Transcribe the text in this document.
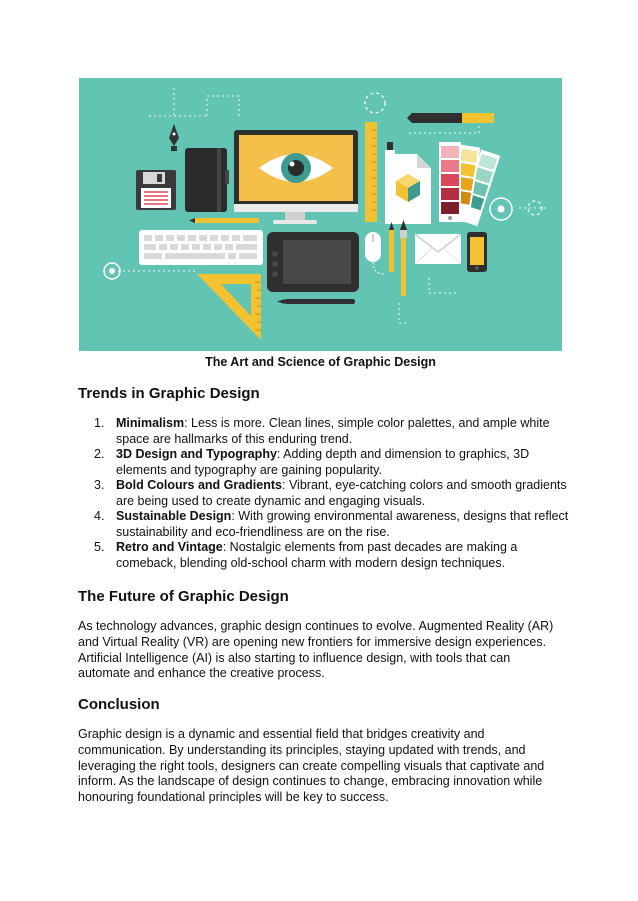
The Art and Science of Graphic Design
Trends in Graphic Design
1. Minimalism: Less is more. Clean lines, simple color palettes, and ample white space are hallmarks of this enduring trend.
2. 3D Design and Typography: Adding depth and dimension to graphics, 3D elements and typography are gaining popularity.
3. Bold Colours and Gradients: Vibrant, eye-catching colors and smooth gradients are being used to create dynamic and engaging visuals.
4. Sustainable Design: With growing environmental awareness, designs that reflect sustainability and eco-friendliness are on the rise.
5. Retro and Vintage: Nostalgic elements from past decades are making a comeback, blending old-school charm with modern design techniques.
The Future of Graphic Design

As technology advances, graphic design continues to evolve. Augmented Reality (AR) and Virtual Reality (VR) are opening new frontiers for immersive design experiences. Artificial Intelligence (AI) is also starting to influence design, with tools that can automate and enhance the creative process.

Conclusion

Graphic design is a dynamic and essential field that bridges creativity and communication. By understanding its principles, staying updated with trends, and leveraging the right tools, designers can create compelling visuals that captivate and inform. As the landscape of design continues to change, embracing innovation while honouring foundational principles will be key to success.
